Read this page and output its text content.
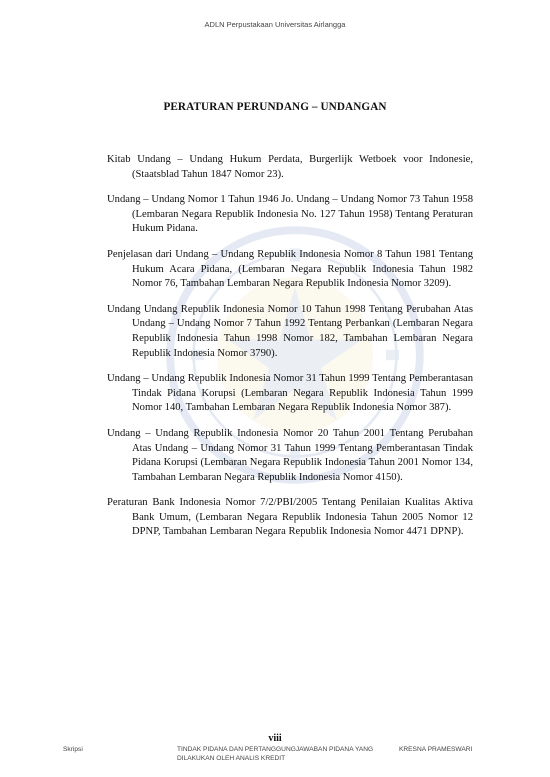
ADLN Perpustakaan Universitas Airlangga
PERATURAN PERUNDANG – UNDANGAN
Kitab Undang – Undang Hukum Perdata, Burgerlijk Wetboek voor Indonesie, (Staatsblad Tahun 1847 Nomor 23).
Undang – Undang Nomor 1 Tahun 1946 Jo. Undang – Undang Nomor 73 Tahun 1958 (Lembaran Negara Republik Indonesia No. 127 Tahun 1958) Tentang Peraturan Hukum Pidana.
Penjelasan dari Undang – Undang Republik Indonesia Nomor 8 Tahun 1981 Tentang Hukum Acara Pidana, (Lembaran Negara Republik Indonesia Tahun 1982 Nomor 76, Tambahan Lembaran Negara Republik Indonesia Nomor 3209).
Undang Undang Republik Indonesia Nomor 10 Tahun 1998 Tentang Perubahan Atas Undang – Undang Nomor 7 Tahun 1992 Tentang Perbankan (Lembaran Negara Republik Indonesia Tahun 1998 Nomor 182, Tambahan Lembaran Negara Republik Indonesia Nomor 3790).
Undang – Undang Republik Indonesia Nomor 31 Tahun 1999 Tentang Pemberantasan Tindak Pidana Korupsi (Lembaran Negara Republik Indonesia Tahun 1999 Nomor 140, Tambahan Lembaran Negara Republik Indonesia Nomor 387).
Undang – Undang Republik Indonesia Nomor 20 Tahun 2001 Tentang Perubahan Atas Undang – Undang Nomor 31 Tahun 1999 Tentang Pemberantasan Tindak Pidana Korupsi (Lembaran Negara Republik Indonesia Tahun 2001 Nomor 134, Tambahan Lembaran Negara Republik Indonesia Nomor 4150).
Peraturan Bank Indonesia Nomor 7/2/PBI/2005 Tentang Penilaian Kualitas Aktiva Bank Umum, (Lembaran Negara Republik Indonesia Tahun 2005 Nomor 12 DPNP, Tambahan Lembaran Negara Republik Indonesia Nomor 4471 DPNP).
viii
Skripsi	TINDAK PIDANA DAN PERTANGGUNGJAWABAN PIDANA YANG
DILAKUKAN OLEH ANALIS KREDIT
KRESNA PRAMESWARI
